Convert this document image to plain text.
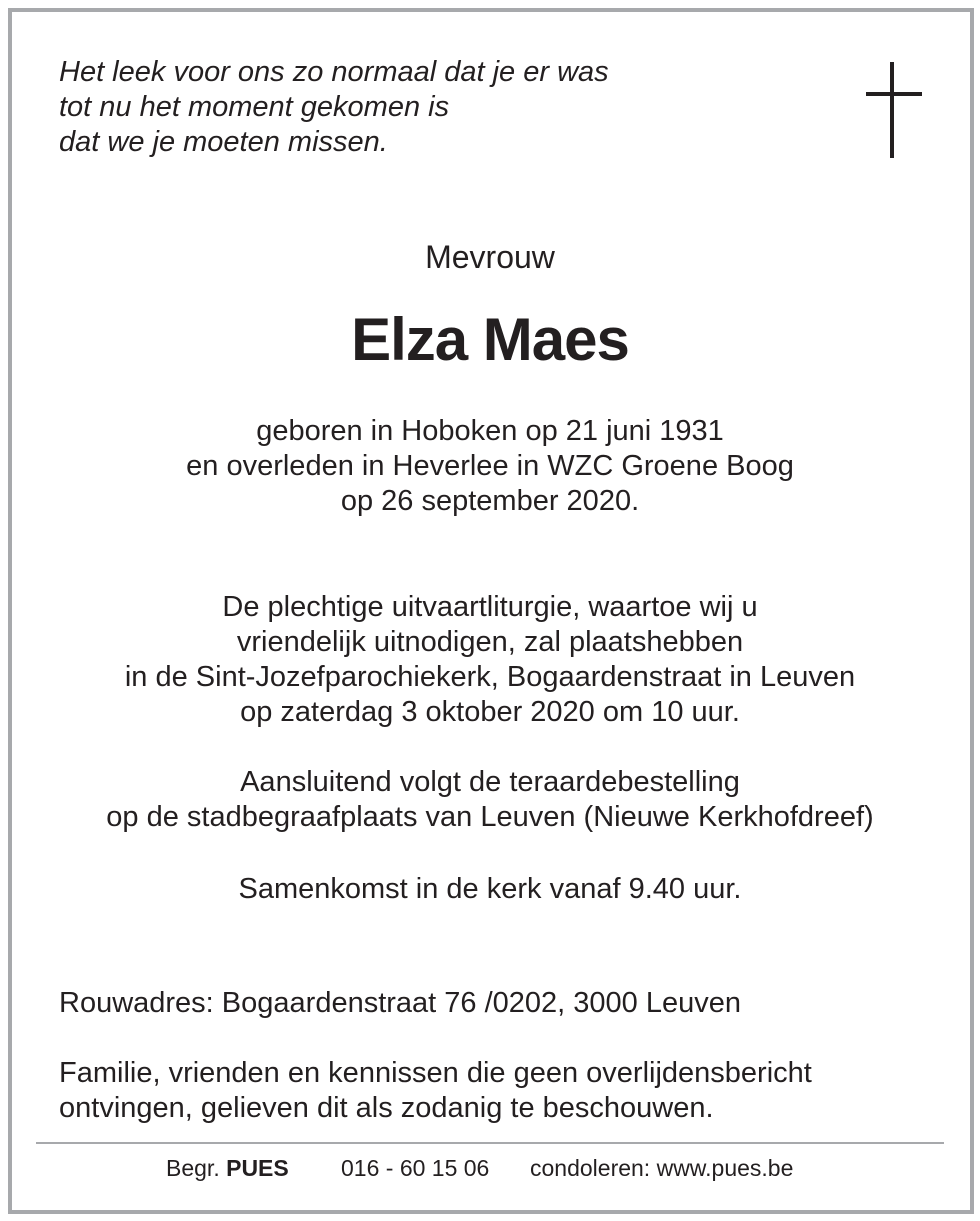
Het leek voor ons zo normaal dat je er was
tot nu het moment gekomen is
dat we je moeten missen.
Mevrouw
Elza Maes
geboren in Hoboken op 21 juni 1931
en overleden in Heverlee in WZC Groene Boog
op 26 september 2020.
De plechtige uitvaartliturgie, waartoe wij u
vriendelijk uitnodigen, zal plaatshebben
in de Sint-Jozefparochiekerk, Bogaardenstraat in Leuven
op zaterdag 3 oktober 2020 om 10 uur.
Aansluitend volgt de teraardebestelling
op de stadbegraafplaats van Leuven (Nieuwe Kerkhofdreef)
Samenkomst in de kerk vanaf 9.40 uur.
Rouwadres: Bogaardenstraat 76 /0202, 3000 Leuven
Familie, vrienden en kennissen die geen overlijdensbericht
ontvingen, gelieven dit als zodanig te beschouwen.
Begr. PUES 016 - 60 15 06 condoleren: www.pues.be
